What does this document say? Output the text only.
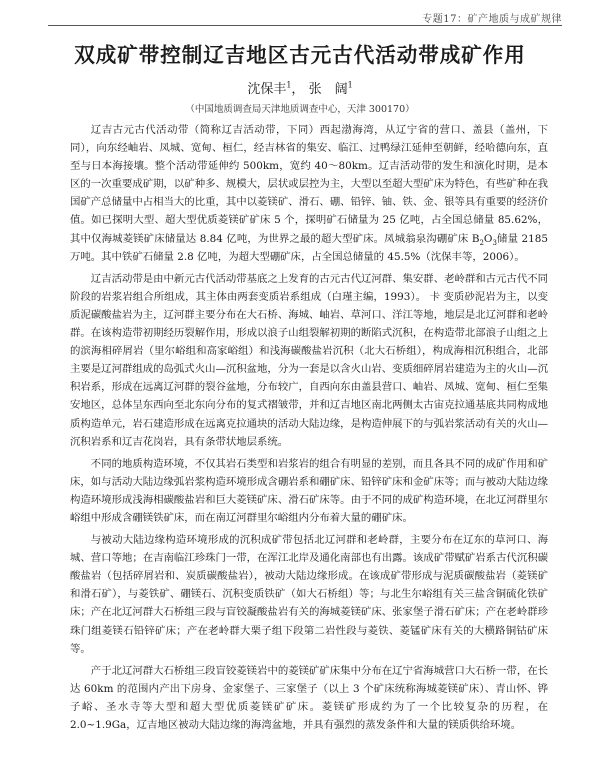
专题17：矿产地质与成矿规律
双成矿带控制辽吉地区古元古代活动带成矿作用
沈保丰$^1$， 张　阔$^1$
（中国地质调查局天津地质调查中心，天津 300170）

辽吉古元古代活动带（简称辽吉活动带，下同）西起渤海湾，从辽宁省的营口、盖县（盖州，下同），向东经岫岩、凤城、宽甸、桓仁，经吉林省的集安、临江、过鸭绿江延伸至朝鲜，经哈德向东，直至与日本海接壤。整个活动带延伸约 500km，宽约 40～80km。辽吉活动带的发生和演化时期，是本区的一次重要成矿期，以矿种多、规模大，层状或层控为主，大型以至超大型矿床为特色，有些矿种在我国矿产总储量中占相当大的比重，其中以菱镁矿、滑石、硼、铅锌、铀、铁、金、银等具有重要的经济价值。如已探明大型、超大型优质菱镁矿矿床 5 个，探明矿石储量为 25 亿吨，占全国总储量 85.62%，其中仅海城菱镁矿床储量达 8.84 亿吨，为世界之最的超大型矿床。凤城翁泉沟硼矿床 $B_2O_3$储量 2185 万吨。其中铁矿石储量 2.8 亿吨，为超大型硼矿床，占全国总储量的 45.5%（沈保丰等，2006）。

辽吉活动带是由中新元古代活动带基底之上发育的古元古代辽河群、集安群、老岭群和古元古代不同阶段的岩浆岩组合所组成，其主体由两套变质岩系组成（白瑾主编，1993）。 卡 变质砂泥岩为主，以变质泥碳酸盐岩为主，辽河群主要分布在大石桥、海城、岫岩、草河口、洋江等地，地层是北辽河群和老岭群。在该构造带初期经历裂解作用，形成以浪子山组裂解初期的断陷式沉积，在构造带北部浪子山组之上的滨海相碎屑岩（里尔峪组和高家峪组）和浅海碳酸盐岩沉积（北大石桥组），构成海相沉积组合，北部主要是辽河群组成的岛弧式火山—沉积盆地，分为一套是以含火山岩、变质细碎屑岩建造为主的火山—沉积岩系，形成在远离辽河群的裂谷盆地，分布较广，自西向东由盖县营口、岫岩、凤城、宽甸、桓仁至集安地区，总体呈东西向至北东向分布的复式褶皱带，并和辽吉地区南北两侧太古宙克拉通基底共同构成地质构造单元，岩石建造形成在远离克拉通块的活动大陆边缘，是构造伸展下的与弧岩浆活动有关的火山—沉积岩系和辽吉花岗岩，具有条带状地层系统。

不同的地质构造环境，不仅其岩石类型和岩浆岩的组合有明显的差别，而且各具不同的成矿作用和矿床，如与活动大陆边缘弧岩浆构造环境形成含硼岩系和硼矿床、铅锌矿床和金矿床等；而与被动大陆边缘构造环境形成浅海相碳酸盐岩和巨大菱镁矿床、滑石矿床等。由于不同的成矿构造环境，在北辽河群里尔峪组中形成含硼镁铁矿床，而在南辽河群里尔峪组内分布着大量的硼矿床。

与被动大陆边缘构造环境形成的沉积成矿带包括北辽河群和老岭群，主要分布在辽东的草河口、海城、营口等地；在吉南临江珍珠门一带，在浑江北岸及通化南部也有出露。该成矿带赋矿岩系古代沉积碳酸盐岩（包括碎屑岩和、炭质碳酸盐岩），被动大陆边缘形成。在该成矿带形成与泥质碳酸盐岩（菱镁矿和滑石矿），与菱铁矿、硼镁石、沉积变质铁矿（如大石桥组）等；与北生尔峪组有关三盐含铜硫化铁矿床；产在北辽河群大石桥组三段与盲铰凝酸盐岩有关的海城菱镁矿床、张家堡子滑石矿床；产在老岭群珍珠门组菱镁石铅锌矿床；产在老岭群大栗子组下段第二岩性段与菱铁、菱锰矿床有关的大横路铜钴矿床等。

产于北辽河群大石桥组三段盲铰菱镁岩中的菱镁矿矿床集中分布在辽宁省海城营口大石桥一带，在长达 60km 的范围内产出下房身、金家堡子、三家堡子（以上 3 个矿床统称海城菱镁矿床）、青山怀、铧子峪、圣水寺等大型和超大型优质菱镁矿矿床。菱镁矿形成约为了一个比较复杂的历程，在 2.0~1.9Ga，辽吉地区被动大陆边缘的海湾盆地，并具有强烈的蒸发条件和大量的镁质供给环境。
